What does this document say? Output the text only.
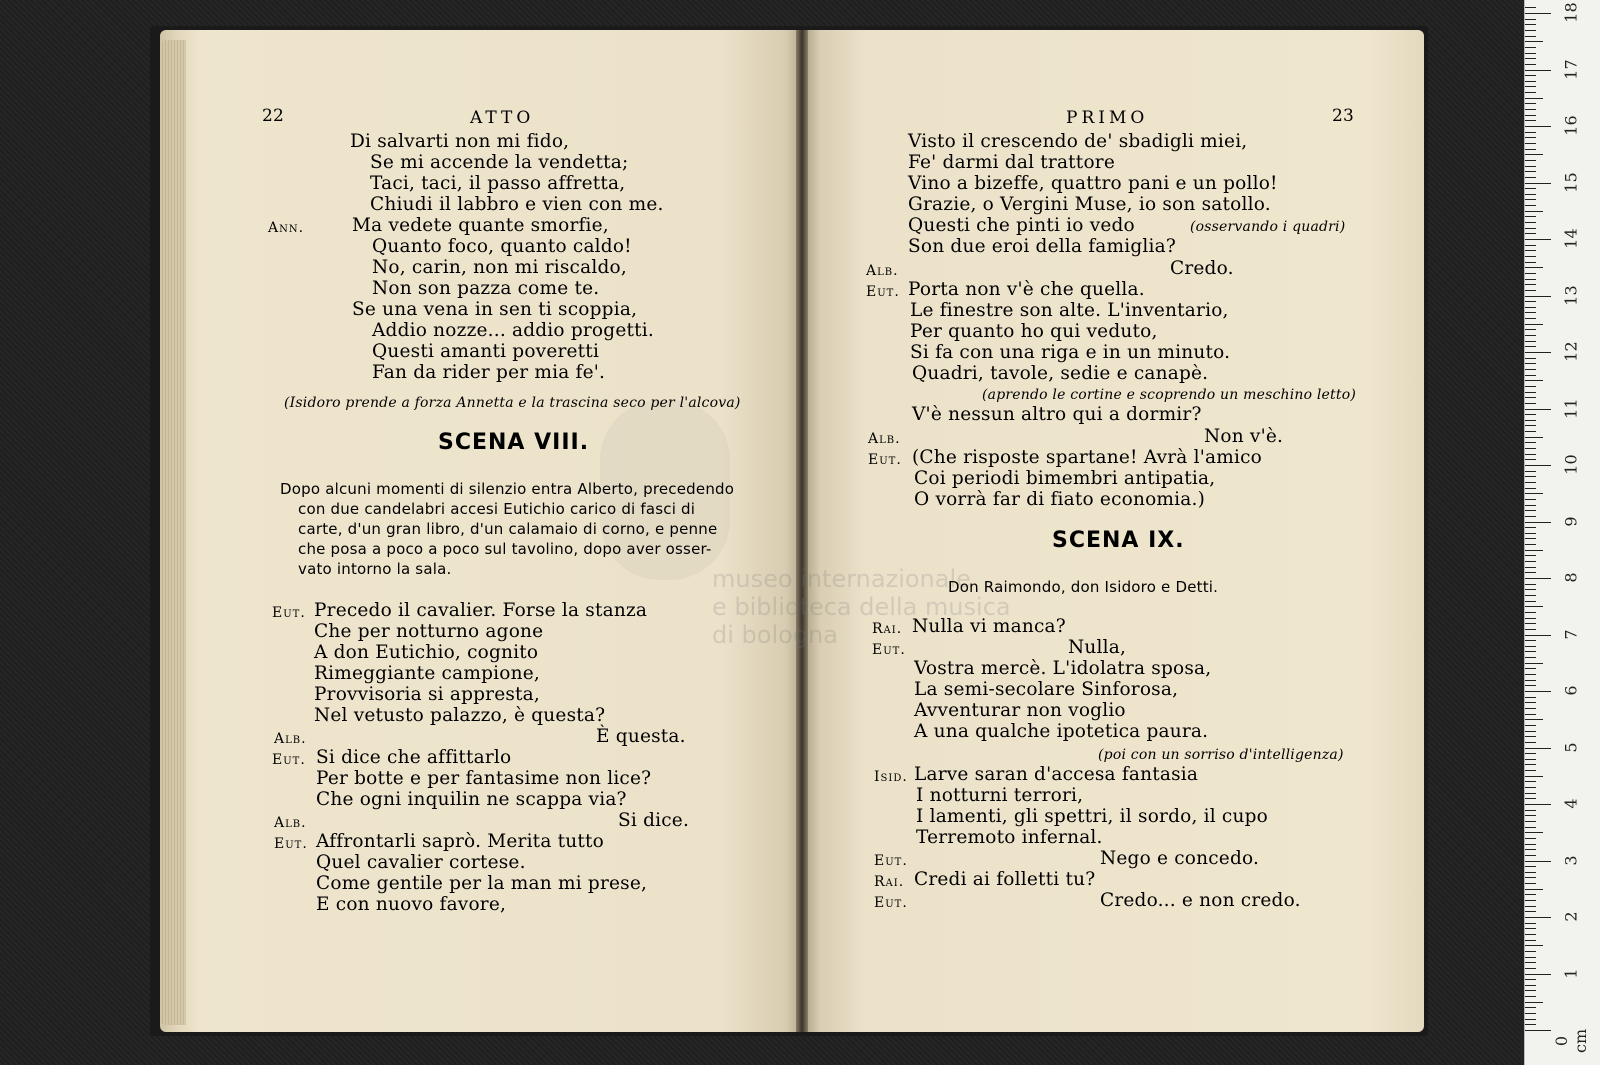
museo internazionale
e biblioteca della musica
di bologna
22	ATTO
Di salvarti non mi fido,
Se mi accende la vendetta;
Taci, taci, il passo affretta,
Chiudi il labbro e vien con me.
Ann.	Ma vedete quante smorfie,
Quanto foco, quanto caldo!
No, carin, non mi riscaldo,
Non son pazza come te.
Se una vena in sen ti scoppia,
Addio nozze... addio progetti.
Questi amanti poveretti
Fan da rider per mia fe'.
(Isidoro prende a forza Annetta e la trascina seco per l'alcova)
SCENA VIII.
Dopo alcuni momenti di silenzio entra Alberto, precedendo
con due candelabri accesi Eutichio carico di fasci di
carte, d'un gran libro, d'un calamaio di corno, e penne
che posa a poco a poco sul tavolino, dopo aver osser-
vato intorno la sala.
Eut. Precedo il cavalier. Forse la stanza
Che per notturno agone
A don Eutichio, cognito
Rimeggiante campione,
Provvisoria si appresta,
Nel vetusto palazzo, è questa?
Alb.	È questa.
Eut. Si dice che affittarlo
Per botte e per fantasime non lice?
Che ogni inquilin ne scappa via?
Alb.	Si dice.
Eut. Affrontarli saprò. Merita tutto
Quel cavalier cortese.
Come gentile per la man mi prese,
E con nuovo favore,
PRIMO	23
Visto il crescendo de' sbadigli miei,
Fe' darmi dal trattore
Vino a bizeffe, quattro pani e un pollo!
Grazie, o Vergini Muse, io son satollo.
Questi che pinti io vedo	(osservando i quadri)
Son due eroi della famiglia?
Alb.	Credo.
Eut. Porta non v'è che quella.
Le finestre son alte. L'inventario,
Per quanto ho qui veduto,
Si fa con una riga e in un minuto.
Quadri, tavole, sedie e canapè.
(aprendo le cortine e scoprendo un meschino letto)
V'è nessun altro qui a dormir?
Alb.	Non v'è.
Eut. (Che risposte spartane! Avrà l'amico
Coi periodi bimembri antipatia,
O vorrà far di fiato economia.)
SCENA IX.
Don Raimondo, don Isidoro e Detti.
Rai. Nulla vi manca?
Eut.	Nulla,
Vostra mercè. L'idolatra sposa,
La semi-secolare Sinforosa,
Avventurar non voglio
A una qualche ipotetica paura.
(poi con un sorriso d'intelligenza)
Isid. Larve saran d'accesa fantasia
I notturni terrori,
I lamenti, gli spettri, il sordo, il cupo
Terremoto infernal.
Eut.	Nego e concedo.
Rai. Credi ai folletti tu?
Eut.	Credo... e non credo.
0 cm
1
2
3
4
5
6
7
8
9
10
11
12
13
14
15
16
17
18
